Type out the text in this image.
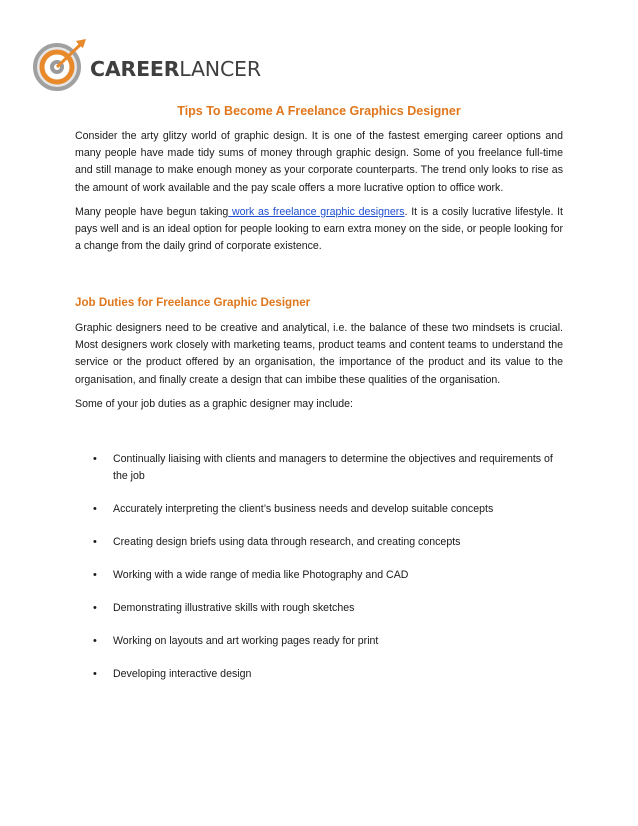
CAREERLANCER
Tips To Become A Freelance Graphics Designer

Consider the arty glitzy world of graphic design. It is one of the fastest emerging career options and many people have made tidy sums of money through graphic design. Some of you freelance full-time and still manage to make enough money as your corporate counterparts. The trend only looks to rise as the amount of work available and the pay scale offers a more lucrative option to office work.

Many people have begun taking work as freelance graphic designers. It is a cosily lucrative lifestyle. It pays well and is an ideal option for people looking to earn extra money on the side, or people looking for a change from the daily grind of corporate existence.

Job Duties for Freelance Graphic Designer

Graphic designers need to be creative and analytical, i.e. the balance of these two mindsets is crucial. Most designers work closely with marketing teams, product teams and content teams to understand the service or the product offered by an organisation, the importance of the product and its value to the organisation, and finally create a design that can imbibe these qualities of the organisation.

Some of your job duties as a graphic designer may include:

• Continually liaising with clients and managers to determine the objectives and requirements of the job
• Accurately interpreting the client’s business needs and develop suitable concepts
• Creating design briefs using data through research, and creating concepts
• Working with a wide range of media like Photography and CAD
• Demonstrating illustrative skills with rough sketches
• Working on layouts and art working pages ready for print
• Developing interactive design
